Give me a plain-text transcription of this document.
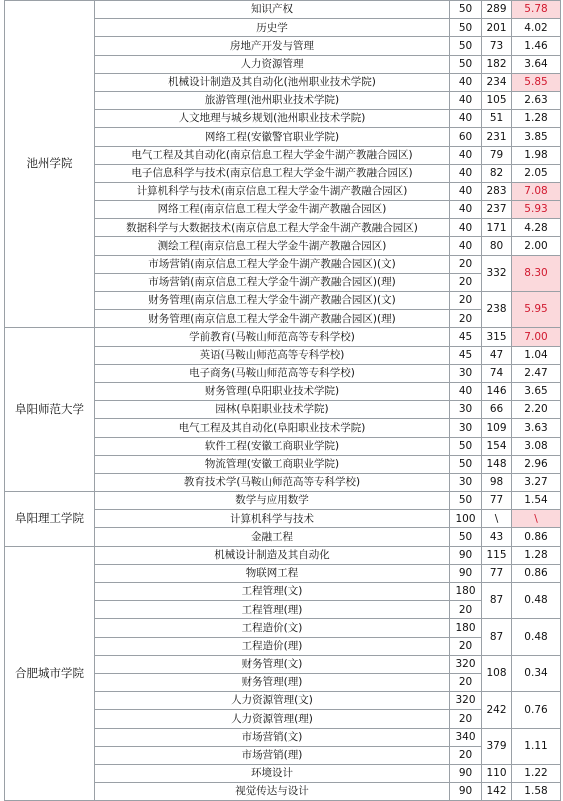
池州学院	知识产权	50	289	5.78
	历史学	50	201	4.02
	房地产开发与管理	50	73	1.46
	人力资源管理	50	182	3.64
	机械设计制造及其自动化(池州职业技术学院)	40	234	5.85
	旅游管理(池州职业技术学院)	40	105	2.63
	人文地理与城乡规划(池州职业技术学院)	40	51	1.28
	网络工程(安徽警官职业学院)	60	231	3.85
	电气工程及其自动化(南京信息工程大学金牛湖产教融合园区)	40	79	1.98
	电子信息科学与技术(南京信息工程大学金牛湖产教融合园区)	40	82	2.05
	计算机科学与技术(南京信息工程大学金牛湖产教融合园区)	40	283	7.08
	网络工程(南京信息工程大学金牛湖产教融合园区)	40	237	5.93
	数据科学与大数据技术(南京信息工程大学金牛湖产教融合园区)	40	171	4.28
	测绘工程(南京信息工程大学金牛湖产教融合园区)	40	80	2.00
	市场营销(南京信息工程大学金牛湖产教融合园区)(文)	20	332	8.30
	市场营销(南京信息工程大学金牛湖产教融合园区)(理)	20		
	财务管理(南京信息工程大学金牛湖产教融合园区)(文)	20	238	5.95
	财务管理(南京信息工程大学金牛湖产教融合园区)(理)	20		
阜阳师范大学	学前教育(马鞍山师范高等专科学校)	45	315	7.00
	英语(马鞍山师范高等专科学校)	45	47	1.04
	电子商务(马鞍山师范高等专科学校)	30	74	2.47
	财务管理(阜阳职业技术学院)	40	146	3.65
	园林(阜阳职业技术学院)	30	66	2.20
	电气工程及其自动化(阜阳职业技术学院)	30	109	3.63
	软件工程(安徽工商职业学院)	50	154	3.08
	物流管理(安徽工商职业学院)	50	148	2.96
	教育技术学(马鞍山师范高等专科学校)	30	98	3.27
阜阳理工学院	数学与应用数学	50	77	1.54
	计算机科学与技术	100	\	\
	金融工程	50	43	0.86
合肥城市学院	机械设计制造及其自动化	90	115	1.28
	物联网工程	90	77	0.86
	工程管理(文)	180	87	0.48
	工程管理(理)	20		
	工程造价(文)	180	87	0.48
	工程造价(理)	20		
	财务管理(文)	320	108	0.34
	财务管理(理)	20		
	人力资源管理(文)	320	242	0.76
	人力资源管理(理)	20		
	市场营销(文)	340	379	1.11
	市场营销(理)	20		
	环境设计	90	110	1.22
	视觉传达与设计	90	142	1.58
